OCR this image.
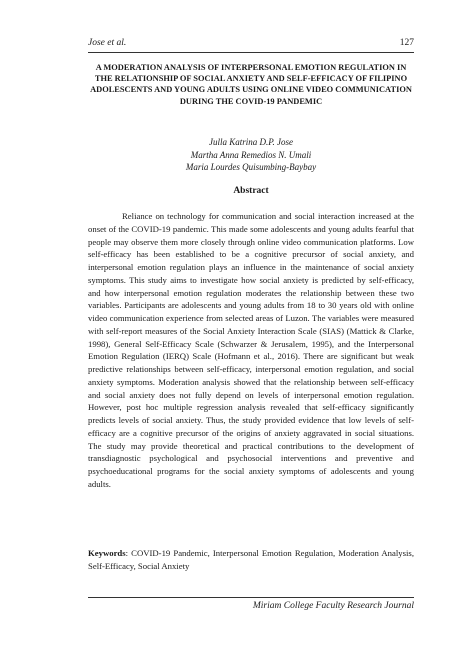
Jose et al.	127
A MODERATION ANALYSIS OF INTERPERSONAL EMOTION REGULATION IN THE RELATIONSHIP OF SOCIAL ANXIETY AND SELF-EFFICACY OF FILIPINO ADOLESCENTS AND YOUNG ADULTS USING ONLINE VIDEO COMMUNICATION DURING THE COVID-19 PANDEMIC
Julla Katrina D.P. Jose
Martha Anna Remedios N. Umali
Maria Lourdes Quisumbing-Baybay
Abstract

Reliance on technology for communication and social interaction increased at the onset of the COVID-19 pandemic. This made some adolescents and young adults fearful that people may observe them more closely through online video communication platforms. Low self-efficacy has been established to be a cognitive precursor of social anxiety, and interpersonal emotion regulation plays an influence in the maintenance of social anxiety symptoms. This study aims to investigate how social anxiety is predicted by self-efficacy, and how interpersonal emotion regulation moderates the relationship between these two variables. Participants are adolescents and young adults from 18 to 30 years old with online video communication experience from selected areas of Luzon. The variables were measured with self-report measures of the Social Anxiety Interaction Scale (SIAS) (Mattick & Clarke, 1998), General Self-Efficacy Scale (Schwarzer & Jerusalem, 1995), and the Interpersonal Emotion Regulation (IERQ) Scale (Hofmann et al., 2016). There are significant but weak predictive relationships between self-efficacy, interpersonal emotion regulation, and social anxiety symptoms. Moderation analysis showed that the relationship between self-efficacy and social anxiety does not fully depend on levels of interpersonal emotion regulation. However, post hoc multiple regression analysis revealed that self-efficacy significantly predicts levels of social anxiety. Thus, the study provided evidence that low levels of self-efficacy are a cognitive precursor of the origins of anxiety aggravated in social situations. The study may provide theoretical and practical contributions to the development of transdiagnostic psychological and psychosocial interventions and preventive and psychoeducational programs for the social anxiety symptoms of adolescents and young adults.

Keywords: COVID-19 Pandemic, Interpersonal Emotion Regulation, Moderation Analysis, Self-Efficacy, Social Anxiety

Miriam College Faculty Research Journal
